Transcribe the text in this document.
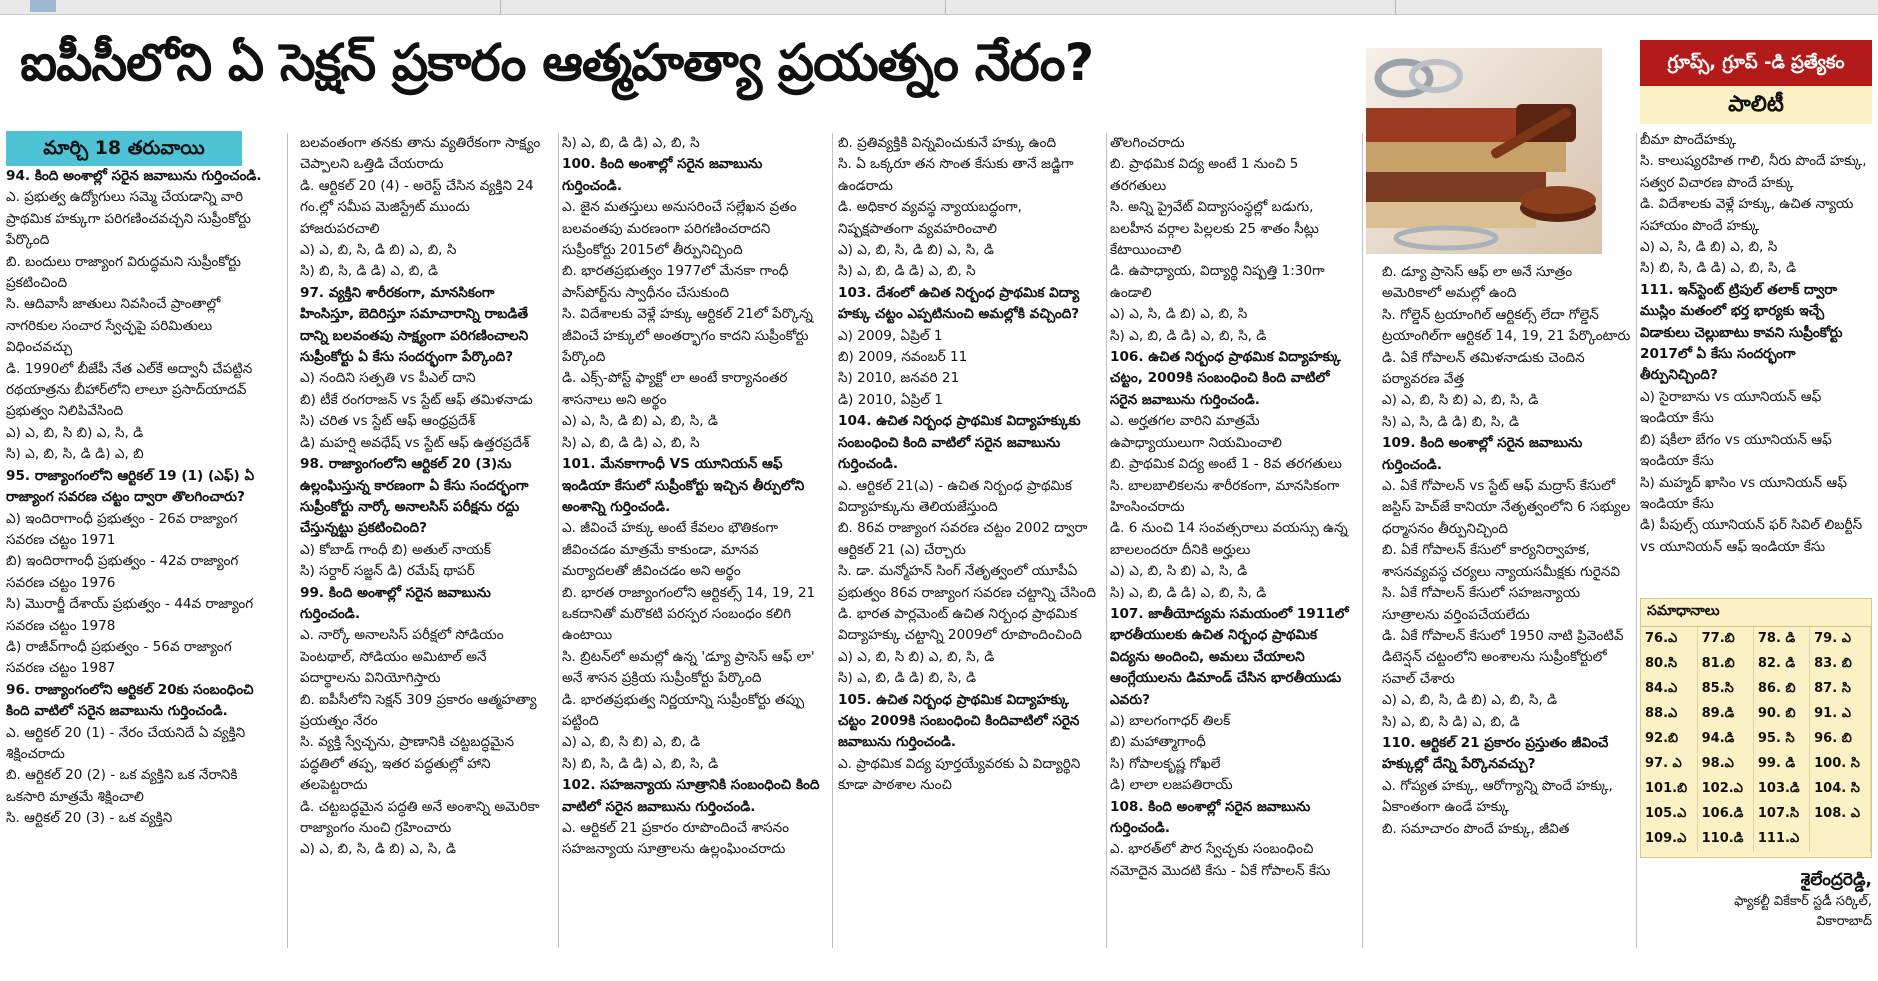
ఐపీసీలోని ఏ సెక్షన్ ప్రకారం ఆత్మహత్యా ప్రయత్నం నేరం?
మార్చి 18 తరువాయి

94. కింది అంశాల్లో సరైన జవాబును గుర్తించండి.

ఎ. ప్రభుత్వ ఉద్యోగులు సమ్మె చేయడాన్ని వారి ప్రాథమిక హక్కుగా పరిగణించవచ్చని సుప్రీంకోర్టు పేర్కొంది

బి. బందులు రాజ్యాంగ విరుద్ధమని సుప్రీంకోర్టు ప్రకటించింది

సి. ఆదివాసీ జాతులు నివసించే ప్రాంతాల్లో నాగరికుల సంచార స్వేచ్ఛపై పరిమితులు విధించవచ్చు

డి. 1990లో బీజేపీ నేత ఎల్‌కే అద్వానీ చేపట్టిన రథయాత్రను బీహార్‌లోని లాలూ ప్రసాద్‌యాదవ్ ప్రభుత్వం నిలిపివేసింది

ఎ) ఎ, బి, సి బి) ఎ, సి, డి

సి) ఎ, బి, సి, డి డి) ఎ, బి

95. రాజ్యాంగంలోని ఆర్టికల్ 19 (1) (ఎఫ్) ఏ రాజ్యాంగ సవరణ చట్టం ద్వారా తొలగించారు?

ఎ) ఇందిరాగాంధీ ప్రభుత్వం - 26వ రాజ్యాంగ సవరణ చట్టం 1971

బి) ఇందిరాగాంధీ ప్రభుత్వం - 42వ రాజ్యాంగ సవరణ చట్టం 1976

సి) మొరార్జీ దేశాయ్ ప్రభుత్వం - 44వ రాజ్యాంగ సవరణ చట్టం 1978

డి) రాజీవ్‌గాంధీ ప్రభుత్వం - 56వ రాజ్యాంగ సవరణ చట్టం 1987

96. రాజ్యాంగంలోని ఆర్టికల్ 20కు సంబంధించి కింది వాటిలో సరైన జవాబును గుర్తించండి.

ఎ. ఆర్టికల్ 20 (1) - నేరం చేయనిదే ఏ వ్యక్తిని శిక్షించరాదు

బి. ఆర్టికల్ 20 (2) - ఒక వ్యక్తిని ఒక నేరానికి ఒకసారి మాత్రమే శిక్షించాలి

సి. ఆర్టికల్ 20 (3) - ఒక వ్యక్తిని

బలవంతంగా తనకు తాను వ్యతిరేకంగా సాక్ష్యం చెప్పాలని ఒత్తిడి చేయరాదు

డి. ఆర్టికల్ 20 (4) - అరెస్ట్ చేసిన వ్యక్తిని 24 గం.ల్లో సమీప మెజిస్ట్రేట్ ముందు హాజరుపరచాలి

ఎ) ఎ, బి, సి, డి బి) ఎ, బి, సి

సి) బి, సి, డి డి) ఎ, బి, డి

97. వ్యక్తిని శారీరకంగా, మానసికంగా హింసిస్తూ, బెదిరిస్తూ సమాచారాన్ని రాబడితే దాన్ని బలవంతపు సాక్ష్యంగా పరిగణించాలని సుప్రీంకోర్టు ఏ కేసు సందర్భంగా పేర్కొంది?

ఎ) నందిని సత్పతి vs పీఎల్ దాని

బి) టీకే రంగరాజన్ vs స్టేట్ ఆఫ్ తమిళనాడు

సి) చరిత vs స్టేట్ ఆఫ్ ఆంధ్రప్రదేశ్

డి) మహర్షి అవధేష్ vs స్టేట్ ఆఫ్ ఉత్తరప్రదేశ్

98. రాజ్యాంగంలోని ఆర్టికల్ 20 (3)ను ఉల్లంఘిస్తున్న కారణంగా ఏ కేసు సందర్భంగా సుప్రీంకోర్టు నార్కో అనాలసిస్ పరీక్షను రద్దు చేస్తున్నట్టు ప్రకటించింది?

ఎ) కోబాడ్ గాంధీ బి) అతుల్ నాయక్

సి) సర్దార్ సజ్జన్ డి) రమేష్ థాపర్

99. కింది అంశాల్లో సరైన జవాబును గుర్తించండి.

ఎ. నార్కో అనాలసిస్ పరీక్షలో సోడియం పెంటథాల్, సోడియం అమిటాల్ అనే పదార్థాలను వినియోగిస్తారు

బి. ఐపీసీలోని సెక్షన్ 309 ప్రకారం ఆత్మహత్యా ప్రయత్నం నేరం

సి. వ్యక్తి స్వేచ్ఛను, ప్రాణానికి చట్టబద్ధమైన పద్ధతిలో తప్ప, ఇతర పద్ధతుల్లో హాని తలపెట్టరాదు

డి. చట్టబద్ధమైన పద్ధతి అనే అంశాన్ని అమెరికా రాజ్యాంగం నుంచి గ్రహించారు

ఎ) ఎ, బి, సి, డి బి) ఎ, సి, డి

సి) ఎ, బి, డి డి) ఎ, బి, సి

100. కింది అంశాల్లో సరైన జవాబును గుర్తించండి.

ఎ. జైన మతస్తులు అనుసరించే సల్లేఖన వ్రతం బలవంతపు మరణంగా పరిగణించరాదని సుప్రీంకోర్టు 2015లో తీర్పునిచ్చింది

బి. భారతప్రభుత్వం 1977లో మేనకా గాంధీ పాస్‌పోర్ట్‌ను స్వాధీనం చేసుకుంది

సి. విదేశాలకు వెళ్లే హక్కు ఆర్టికల్ 21లో పేర్కొన్న జీవించే హక్కులో అంతర్భాగం కాదని సుప్రీంకోర్టు పేర్కొంది

డి. ఎక్స్-పోస్ట్ ఫ్యాక్టో లా అంటే కార్యానంతర శాసనాలు అని అర్థం

ఎ) ఎ, సి, డి బి) ఎ, బి, సి, డి

సి) ఎ, బి, డి డి) ఎ, బి, సి

101. మేనకాగాంధీ VS యూనియన్ ఆఫ్ ఇండియా కేసులో సుప్రీంకోర్టు ఇచ్చిన తీర్పులోని అంశాన్ని గుర్తించండి.

ఎ. జీవించే హక్కు అంటే కేవలం భౌతికంగా జీవించడం మాత్రమే కాకుండా, మానవ మర్యాదలతో జీవించడం అని అర్థం

బి. భారత రాజ్యాంగంలోని ఆర్టికల్స్ 14, 19, 21 ఒకదానితో మరొకటి పరస్పర సంబంధం కలిగి ఉంటాయి

సి. బ్రిటన్‌లో అమల్లో ఉన్న 'డ్యూ ప్రాసెస్ ఆఫ్ లా' అనే శాసన ప్రక్రియ సుప్రీంకోర్టు పేర్కొంది

డి. భారతప్రభుత్వ నిర్ణయాన్ని సుప్రీంకోర్టు తప్పు పట్టింది

ఎ) ఎ, బి, సి బి) ఎ, బి, డి

సి) బి, సి, డి డి) ఎ, బి, సి, డి

102. సహజన్యాయ సూత్రానికి సంబంధించి కింది వాటిలో సరైన జవాబును గుర్తించండి.

ఎ. ఆర్టికల్ 21 ప్రకారం రూపొందించే శాసనం సహజన్యాయ సూత్రాలను ఉల్లంఘించరాదు

బి. ప్రతివ్యక్తికి విన్నవించుకునే హక్కు ఉంది

సి. ఏ ఒక్కరూ తన సొంత కేసుకు తానే జడ్జిగా ఉండరాదు

డి. అధికార వ్యవస్థ న్యాయబద్ధంగా, నిష్పక్షపాతంగా వ్యవహరించాలి

ఎ) ఎ, బి, సి, డి బి) ఎ, సి, డి

సి) ఎ, బి, డి డి) ఎ, బి, సి

103. దేశంలో ఉచిత నిర్బంధ ప్రాథమిక విద్యా హక్కు చట్టం ఎప్పటినుంచి అమల్లోకి వచ్చింది?

ఎ) 2009, ఏప్రిల్ 1

బి) 2009, నవంబర్ 11

సి) 2010, జనవరి 21

డి) 2010, ఏప్రిల్ 1

104. ఉచిత నిర్బంధ ప్రాథమిక విద్యాహక్కుకు సంబంధించి కింది వాటిలో సరైన జవాబును గుర్తించండి.

ఎ. ఆర్టికల్ 21(ఎ) - ఉచిత నిర్బంధ ప్రాథమిక విద్యాహక్కును తెలియజేస్తుంది

బి. 86వ రాజ్యాంగ సవరణ చట్టం 2002 ద్వారా ఆర్టికల్ 21 (ఎ) చేర్చారు

సి. డా. మన్మోహన్ సింగ్ నేతృత్వంలో యూపీఏ ప్రభుత్వం 86వ రాజ్యాంగ సవరణ చట్టాన్ని చేసింది

డి. భారత పార్లమెంట్ ఉచిత నిర్బంధ ప్రాథమిక విద్యాహక్కు చట్టాన్ని 2009లో రూపొందించింది

ఎ) ఎ, బి, సి బి) ఎ, బి, సి, డి

సి) ఎ, బి, డి డి) బి, సి, డి

105. ఉచిత నిర్బంధ ప్రాథమిక విద్యాహక్కు చట్టం 2009కి సంబంధించి కిందివాటిలో సరైన జవాబును గుర్తించండి.

ఎ. ప్రాథమిక విద్య పూర్తయ్యేవరకు ఏ విద్యార్థిని కూడా పాఠశాల నుంచి

తొలగించరాదు

బి. ప్రాథమిక విద్య అంటే 1 నుంచి 5 తరగతులు

సి. అన్ని ప్రైవేట్ విద్యాసంస్థల్లో బడుగు, బలహీన వర్గాల పిల్లలకు 25 శాతం సీట్లు కేటాయించాలి

డి. ఉపాధ్యాయ, విద్యార్థి నిష్పత్తి 1:30గా ఉండాలి

ఎ) ఎ, సి, డి బి) ఎ, బి, సి

సి) ఎ, బి, డి డి) ఎ, బి, సి, డి

106. ఉచిత నిర్బంధ ప్రాథమిక విద్యాహక్కు చట్టం, 2009కి సంబంధించి కింది వాటిలో సరైన జవాబును గుర్తించండి.

ఎ. అర్హతగల వారిని మాత్రమే ఉపాధ్యాయులుగా నియమించాలి

బి. ప్రాథమిక విద్య అంటే 1 - 8వ తరగతులు

సి. బాలబాలికలను శారీరకంగా, మానసికంగా హింసించరాదు

డి. 6 నుంచి 14 సంవత్సరాలు వయస్సు ఉన్న బాలలందరూ దీనికి అర్హులు

ఎ) ఎ, బి, సి బి) ఎ, సి, డి

సి) ఎ, బి, డి డి) ఎ, బి, సి, డి

107. జాతీయోద్యమ సమయంలో 1911లో భారతీయులకు ఉచిత నిర్బంధ ప్రాథమిక విద్యను అందించి, అమలు చేయాలని ఆంగ్లేయులను డిమాండ్ చేసిన భారతీయుడు ఎవరు?

ఎ) బాలగంగాధర్ తిలక్

బి) మహాత్మాగాంధీ

సి) గోపాలకృష్ణ గోఖలే

డి) లాలా లజపతిరాయ్

108. కింది అంశాల్లో సరైన జవాబును గుర్తించండి.

ఎ. భారత్‌లో పౌర స్వేచ్ఛకు సంబంధించి నమోదైన మొదటి కేసు - ఏకే గోపాలన్ కేసు

బి. డ్యూ ప్రాసెస్ ఆఫ్ లా అనే సూత్రం అమెరికాలో అమల్లో ఉంది

సి. గోల్డెన్ ట్రయాంగిల్ ఆర్టికల్స్ లేదా గోల్డెన్ ట్రయాంగిల్‌గా ఆర్టికల్ 14, 19, 21 పేర్కొంటారు

డి. ఏకే గోపాలన్ తమిళనాడుకు చెందిన పర్యావరణ వేత్త

ఎ) ఎ, బి, సి బి) ఎ, బి, సి, డి

సి) ఎ, సి, డి డి) బి, సి, డి

109. కింది అంశాల్లో సరైన జవాబును గుర్తించండి.

ఎ. ఏకే గోపాలన్ vs స్టేట్ ఆఫ్ మద్రాస్ కేసులో జస్టిస్ హెచ్‌జే కానియా నేతృత్వంలోని 6 సభ్యుల ధర్మాసనం తీర్పునిచ్చింది

బి. ఏకే గోపాలన్ కేసులో కార్యనిర్వాహక, శాసనవ్యవస్థ చర్యలు న్యాయసమీక్షకు గురైనవి

సి. ఏకే గోపాలన్ కేసులో సహజన్యాయ సూత్రాలను వర్తింపచేయలేదు

డి. ఏకే గోపాలన్ కేసులో 1950 నాటి ప్రివెంటివ్ డిటెన్షన్ చట్టంలోని అంశాలను సుప్రీంకోర్టులో సవాల్ చేశారు

ఎ) ఎ, బి, సి, డి బి) ఎ, బి, సి, డి

సి) ఎ, బి, సి డి) ఎ, బి, డి

110. ఆర్టికల్ 21 ప్రకారం ప్రస్తుతం జీవించే హక్కుల్లో దేన్ని పేర్కొనవచ్చు?

ఎ. గోప్యత హక్కు, ఆరోగ్యాన్ని పొందే హక్కు, ఏకాంతంగా ఉండే హక్కు

బి. సమాచారం పొందే హక్కు, జీవిత

గ్రూప్స్, గ్రూప్ -డి ప్రత్యేకం
పాలిటీ

బీమా పొందేహక్కు

సి. కాలుష్యరహిత గాలి, నీరు పొందే హక్కు, సత్వర విచారణ పొందే హక్కు

డి. విదేశాలకు వెళ్లే హక్కు, ఉచిత న్యాయ సహాయం పొందే హక్కు

ఎ) ఎ, సి, డి బి) ఎ, బి, సి

సి) బి, సి, డి డి) ఎ, బి, సి, డి

111. ఇన్‌స్టెంట్ ట్రిపుల్ తలాక్ ద్వారా ముస్లిం మతంలో భర్త భార్యకు ఇచ్చే విడాకులు చెల్లుబాటు కావని సుప్రీంకోర్టు 2017లో ఏ కేసు సందర్భంగా తీర్పునిచ్చింది?

ఎ) సైరాబాను vs యూనియన్ ఆఫ్ ఇండియా కేసు

బి) షకీలా బేగం vs యూనియన్ ఆఫ్ ఇండియా కేసు

సి) మహ్మద్ ఖాసిం vs యూనియన్ ఆఫ్ ఇండియా కేసు

డి) పీపుల్స్ యూనియన్ ఫర్ సివిల్ లిబర్టీస్ vs యూనియన్ ఆఫ్ ఇండియా కేసు

సమాధానాలు
76.ఎ	77.బి	78. డి	79. ఎ
80.సి	81.బి	82. డి	83. బి
84.ఎ	85.సి	86. బి	87. సి
88.ఎ	89.డి	90. బి	91. ఎ
92.బి	94.డి	95. సి	96. బి
97. ఎ	98.ఎ	99. డి	100. సి
101.బి	102.ఎ	103.డి	104. సి
105.ఎ	106.డి	107.సి	108. ఎ
109.ఎ	110.డి	111.ఎ	
శైలేంద్రరెడ్డి,
ఫ్యాకల్టీ వికేకార్ స్టడీ సర్కిల్,
వికారాబాద్
